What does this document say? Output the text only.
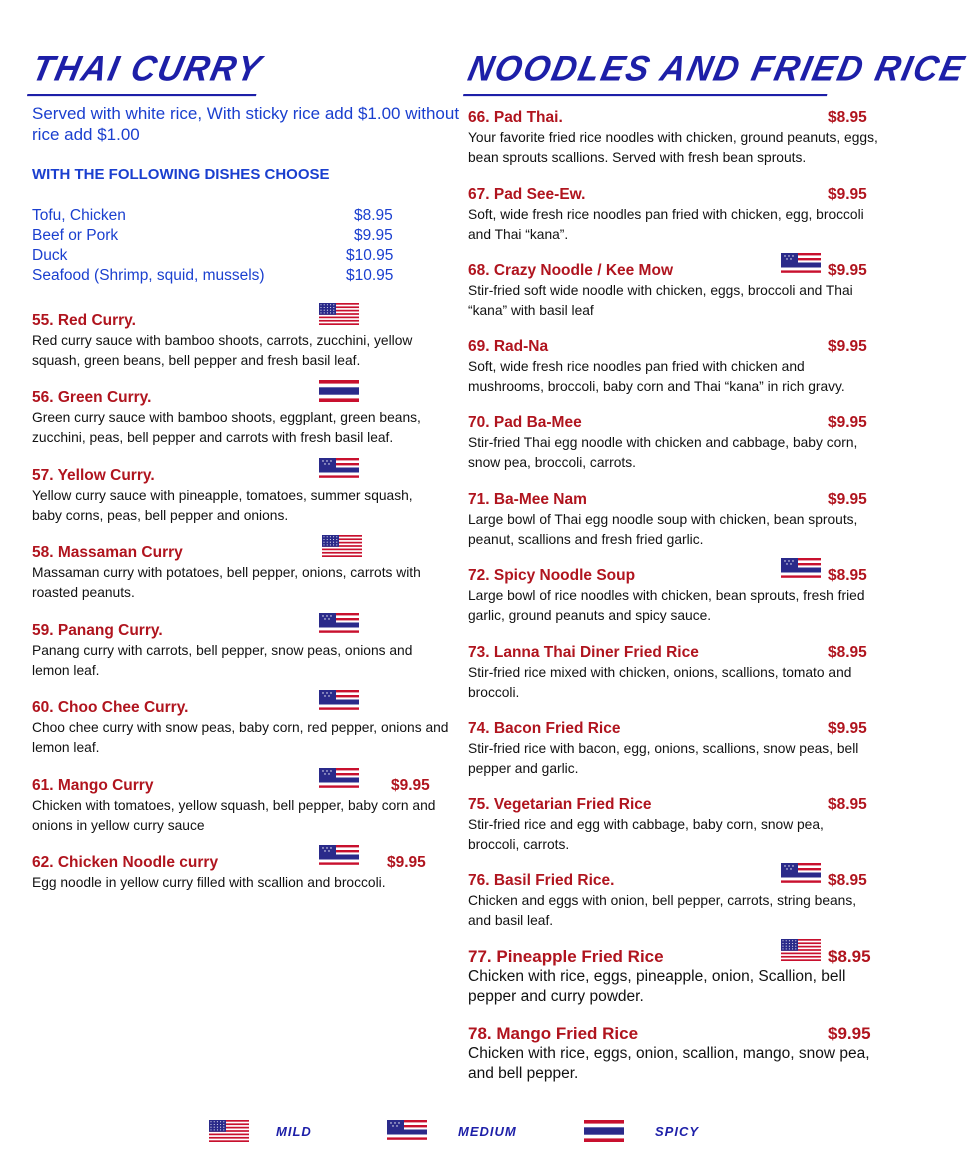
THAI CURRY
Served with white rice, With sticky rice add $1.00 without rice add $1.00
WITH THE FOLLOWING DISHES CHOOSE
Tofu, Chicken	$8.95
Beef or Pork	$9.95
Duck	$10.95
Seafood (Shrimp, squid, mussels)	$10.95
55. Red Curry.
Red curry sauce with bamboo shoots, carrots, zucchini, yellow squash, green beans, bell pepper and fresh basil leaf.
56. Green Curry.
Green curry sauce with bamboo shoots, eggplant, green beans, zucchini, peas, bell pepper and carrots with fresh basil leaf.
57. Yellow Curry.
Yellow curry sauce with pineapple, tomatoes, summer squash, baby corns, peas, bell pepper and onions.
58. Massaman Curry
Massaman curry with potatoes, bell pepper, onions, carrots with roasted peanuts.
59. Panang Curry.
Panang curry with carrots, bell pepper, snow peas, onions and lemon leaf.
60. Choo Chee Curry.
Choo chee curry with snow peas, baby corn, red pepper, onions and lemon leaf.
61. Mango Curry	$9.95
Chicken with tomatoes, yellow squash, bell pepper, baby corn and onions in yellow curry sauce
62. Chicken Noodle curry	$9.95
Egg noodle in yellow curry filled with scallion and broccoli.
NOODLES AND FRIED RICE
66. Pad Thai.	$8.95
Your favorite fried rice noodles with chicken, ground peanuts, eggs, bean sprouts scallions. Served with fresh bean sprouts.
67. Pad See-Ew.	$9.95
Soft, wide fresh rice noodles pan fried with chicken, egg, broccoli and Thai “kana”.
68. Crazy Noodle / Kee Mow	$9.95
Stir-fried soft wide noodle with chicken, eggs, broccoli and Thai “kana” with basil leaf
69. Rad-Na	$9.95
Soft, wide fresh rice noodles pan fried with chicken and mushrooms, broccoli, baby corn and Thai “kana” in rich gravy.
70. Pad Ba-Mee	$9.95
Stir-fried Thai egg noodle with chicken and cabbage, baby corn, snow pea, broccoli, carrots.
71. Ba-Mee Nam	$9.95
Large bowl of Thai egg noodle soup with chicken, bean sprouts, peanut, scallions and fresh fried garlic.
72. Spicy Noodle Soup	$8.95
Large bowl of rice noodles with chicken, bean sprouts, fresh fried garlic, ground peanuts and spicy sauce.
73. Lanna Thai Diner Fried Rice	$8.95
Stir-fried rice mixed with chicken, onions, scallions, tomato and broccoli.
74. Bacon Fried Rice	$9.95
Stir-fried rice with bacon, egg, onions, scallions, snow peas, bell pepper and garlic.
75. Vegetarian Fried Rice	$8.95
Stir-fried rice and egg with cabbage, baby corn, snow pea, broccoli, carrots.
76. Basil Fried Rice.	$8.95
Chicken and eggs with onion, bell pepper, carrots, string beans, and basil leaf.
77. Pineapple Fried Rice	$8.95
Chicken with rice, eggs, pineapple, onion, Scallion, bell pepper and curry powder.
78. Mango Fried Rice	$9.95
Chicken with rice, eggs, onion, scallion, mango, snow pea, and bell pepper.
MILD	MEDIUM	SPICY
